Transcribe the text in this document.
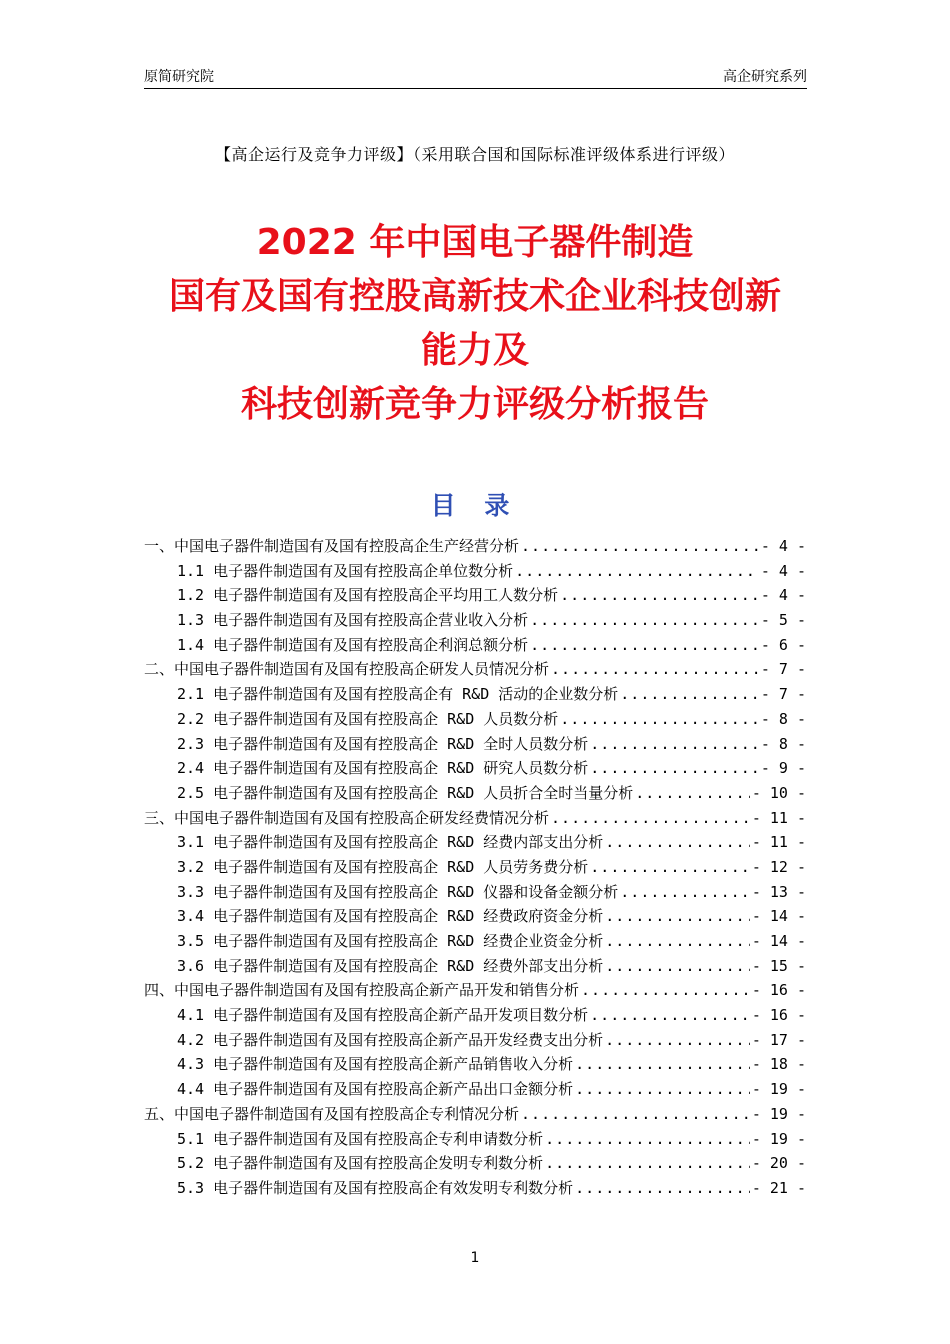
原简研究院	高企研究系列
【高企运行及竞争力评级】（采用联合国和国际标准评级体系进行评级）
2022 年中国电子器件制造
国有及国有控股高新技术企业科技创新
能力及
科技创新竞争力评级分析报告
目 录
一、中国电子器件制造国有及国有控股高企生产经营分析 .....	- 4 -
1.1 电子器件制造国有及国有控股高企单位数分析 .....	- 4 -
1.2 电子器件制造国有及国有控股高企平均用工人数分析 .....	- 4 -
1.3 电子器件制造国有及国有控股高企营业收入分析 .....	- 5 -
1.4 电子器件制造国有及国有控股高企利润总额分析 .....	- 6 -
二、中国电子器件制造国有及国有控股高企研发人员情况分析 .....	- 7 -
2.1 电子器件制造国有及国有控股高企有 R&D 活动的企业数分析 .....	- 7 -
2.2 电子器件制造国有及国有控股高企 R&D 人员数分析 .....	- 8 -
2.3 电子器件制造国有及国有控股高企 R&D 全时人员数分析 .....	- 8 -
2.4 电子器件制造国有及国有控股高企 R&D 研究人员数分析 .....	- 9 -
2.5 电子器件制造国有及国有控股高企 R&D 人员折合全时当量分析 .....	- 10 -
三、中国电子器件制造国有及国有控股高企研发经费情况分析 .....	- 11 -
3.1 电子器件制造国有及国有控股高企 R&D 经费内部支出分析 .....	- 11 -
3.2 电子器件制造国有及国有控股高企 R&D 人员劳务费分析 .....	- 12 -
3.3 电子器件制造国有及国有控股高企 R&D 仪器和设备金额分析 .....	- 13 -
3.4 电子器件制造国有及国有控股高企 R&D 经费政府资金分析 .....	- 14 -
3.5 电子器件制造国有及国有控股高企 R&D 经费企业资金分析 .....	- 14 -
3.6 电子器件制造国有及国有控股高企 R&D 经费外部支出分析 .....	- 15 -
四、中国电子器件制造国有及国有控股高企新产品开发和销售分析 .....	- 16 -
4.1 电子器件制造国有及国有控股高企新产品开发项目数分析 .....	- 16 -
4.2 电子器件制造国有及国有控股高企新产品开发经费支出分析 .....	- 17 -
4.3 电子器件制造国有及国有控股高企新产品销售收入分析 .....	- 18 -
4.4 电子器件制造国有及国有控股高企新产品出口金额分析 .....	- 19 -
五、中国电子器件制造国有及国有控股高企专利情况分析 .....	- 19 -
5.1 电子器件制造国有及国有控股高企专利申请数分析 .....	- 19 -
5.2 电子器件制造国有及国有控股高企发明专利数分析 .....	- 20 -
5.3 电子器件制造国有及国有控股高企有效发明专利数分析 .....	- 21 -
1
